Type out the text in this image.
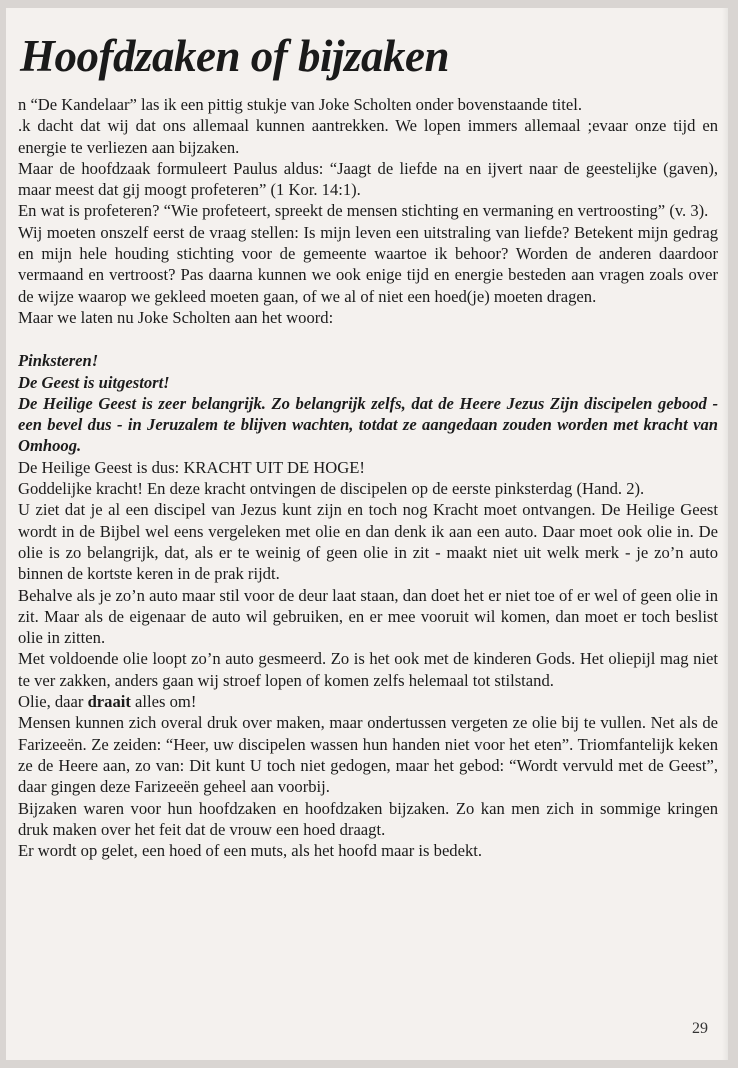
Hoofdzaken of bijzaken

n “De Kandelaar” las ik een pittig stukje van Joke Scholten onder bovenstaande titel.

.k dacht dat wij dat ons allemaal kunnen aantrekken. We lopen immers allemaal ;evaar onze tijd en energie te verliezen aan bijzaken.

Maar de hoofdzaak formuleert Paulus aldus: “Jaagt de liefde na en ijvert naar de geestelijke (gaven), maar meest dat gij moogt profeteren” (1 Kor. 14:1).

En wat is profeteren? “Wie profeteert, spreekt de mensen stichting en vermaning en vertroosting” (v. 3).

Wij moeten onszelf eerst de vraag stellen: Is mijn leven een uitstraling van liefde? Betekent mijn gedrag en mijn hele houding stichting voor de gemeente waartoe ik behoor? Worden de anderen daardoor vermaand en vertroost? Pas daarna kunnen we ook enige tijd en energie besteden aan vragen zoals over de wijze waarop we gekleed moeten gaan, of we al of niet een hoed(je) moeten dragen.

Maar we laten nu Joke Scholten aan het woord:

Pinksteren!

De Geest is uitgestort!

De Heilige Geest is zeer belangrijk. Zo belangrijk zelfs, dat de Heere Jezus Zijn discipelen gebood - een bevel dus - in Jeruzalem te blijven wachten, totdat ze aangedaan zouden worden met kracht van Omhoog.

De Heilige Geest is dus: KRACHT UIT DE HOGE!

Goddelijke kracht! En deze kracht ontvingen de discipelen op de eerste pinksterdag (Hand. 2).

U ziet dat je al een discipel van Jezus kunt zijn en toch nog Kracht moet ontvangen. De Heilige Geest wordt in de Bijbel wel eens vergeleken met olie en dan denk ik aan een auto. Daar moet ook olie in. De olie is zo belangrijk, dat, als er te weinig of geen olie in zit - maakt niet uit welk merk - je zo’n auto binnen de kortste keren in de prak rijdt.

Behalve als je zo’n auto maar stil voor de deur laat staan, dan doet het er niet toe of er wel of geen olie in zit. Maar als de eigenaar de auto wil gebruiken, en er mee vooruit wil komen, dan moet er toch beslist olie in zitten.

Met voldoende olie loopt zo’n auto gesmeerd. Zo is het ook met de kinderen Gods. Het oliepijl mag niet te ver zakken, anders gaan wij stroef lopen of komen zelfs helemaal tot stilstand.

Olie, daar draait alles om!

Mensen kunnen zich overal druk over maken, maar ondertussen vergeten ze olie bij te vullen. Net als de Farizeeën. Ze zeiden: “Heer, uw discipelen wassen hun handen niet voor het eten”. Triomfantelijk keken ze de Heere aan, zo van: Dit kunt U toch niet gedogen, maar het gebod: “Wordt vervuld met de Geest”, daar gingen deze Farizeeën geheel aan voorbij.

Bijzaken waren voor hun hoofdzaken en hoofdzaken bijzaken. Zo kan men zich in sommige kringen druk maken over het feit dat de vrouw een hoed draagt.

Er wordt op gelet, een hoed of een muts, als het hoofd maar is bedekt.

29
